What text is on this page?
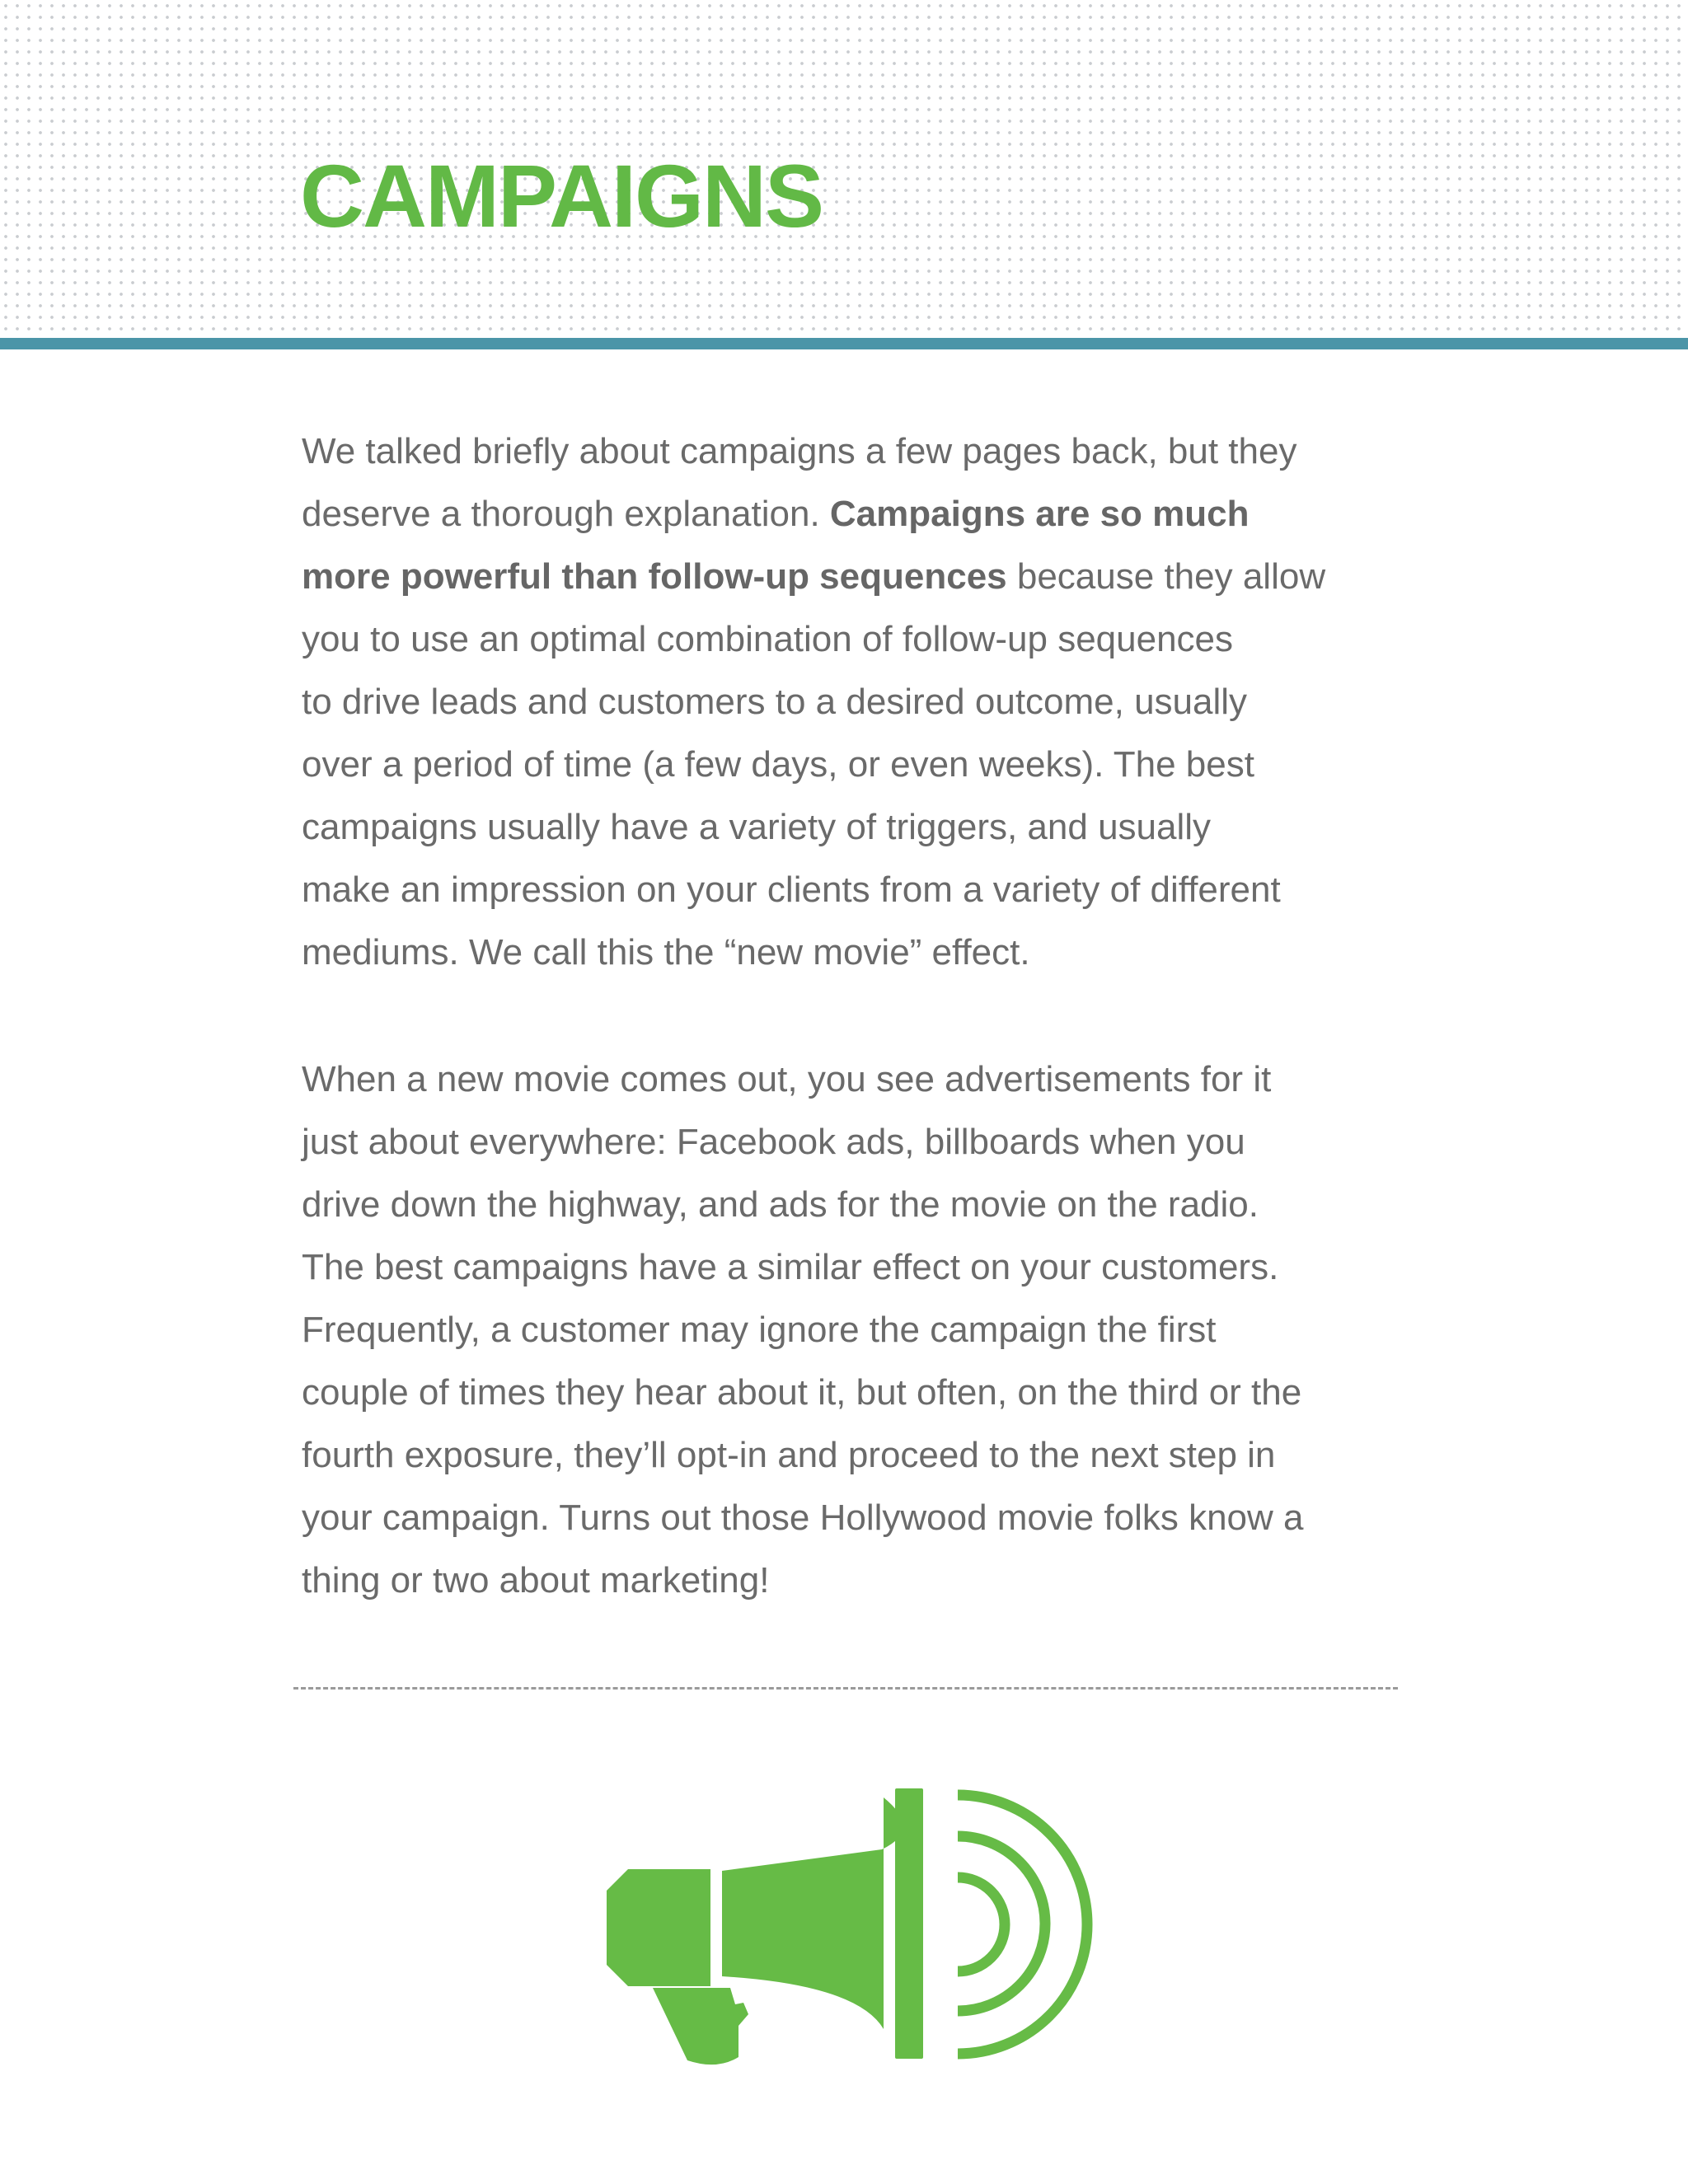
CAMPAIGNS

We talked briefly about campaigns a few pages back, but they
deserve a thorough explanation. Campaigns are so much
more powerful than follow-up sequences because they allow
you to use an optimal combination of follow-up sequences
to drive leads and customers to a desired outcome, usually
over a period of time (a few days, or even weeks). The best
campaigns usually have a variety of triggers, and usually
make an impression on your clients from a variety of different
mediums. We call this the “new movie” effect.

When a new movie comes out, you see advertisements for it
just about everywhere: Facebook ads, billboards when you
drive down the highway, and ads for the movie on the radio.
The best campaigns have a similar effect on your customers.
Frequently, a customer may ignore the campaign the first
couple of times they hear about it, but often, on the third or the
fourth exposure, they’ll opt-in and proceed to the next step in
your campaign. Turns out those Hollywood movie folks know a
thing or two about marketing!
